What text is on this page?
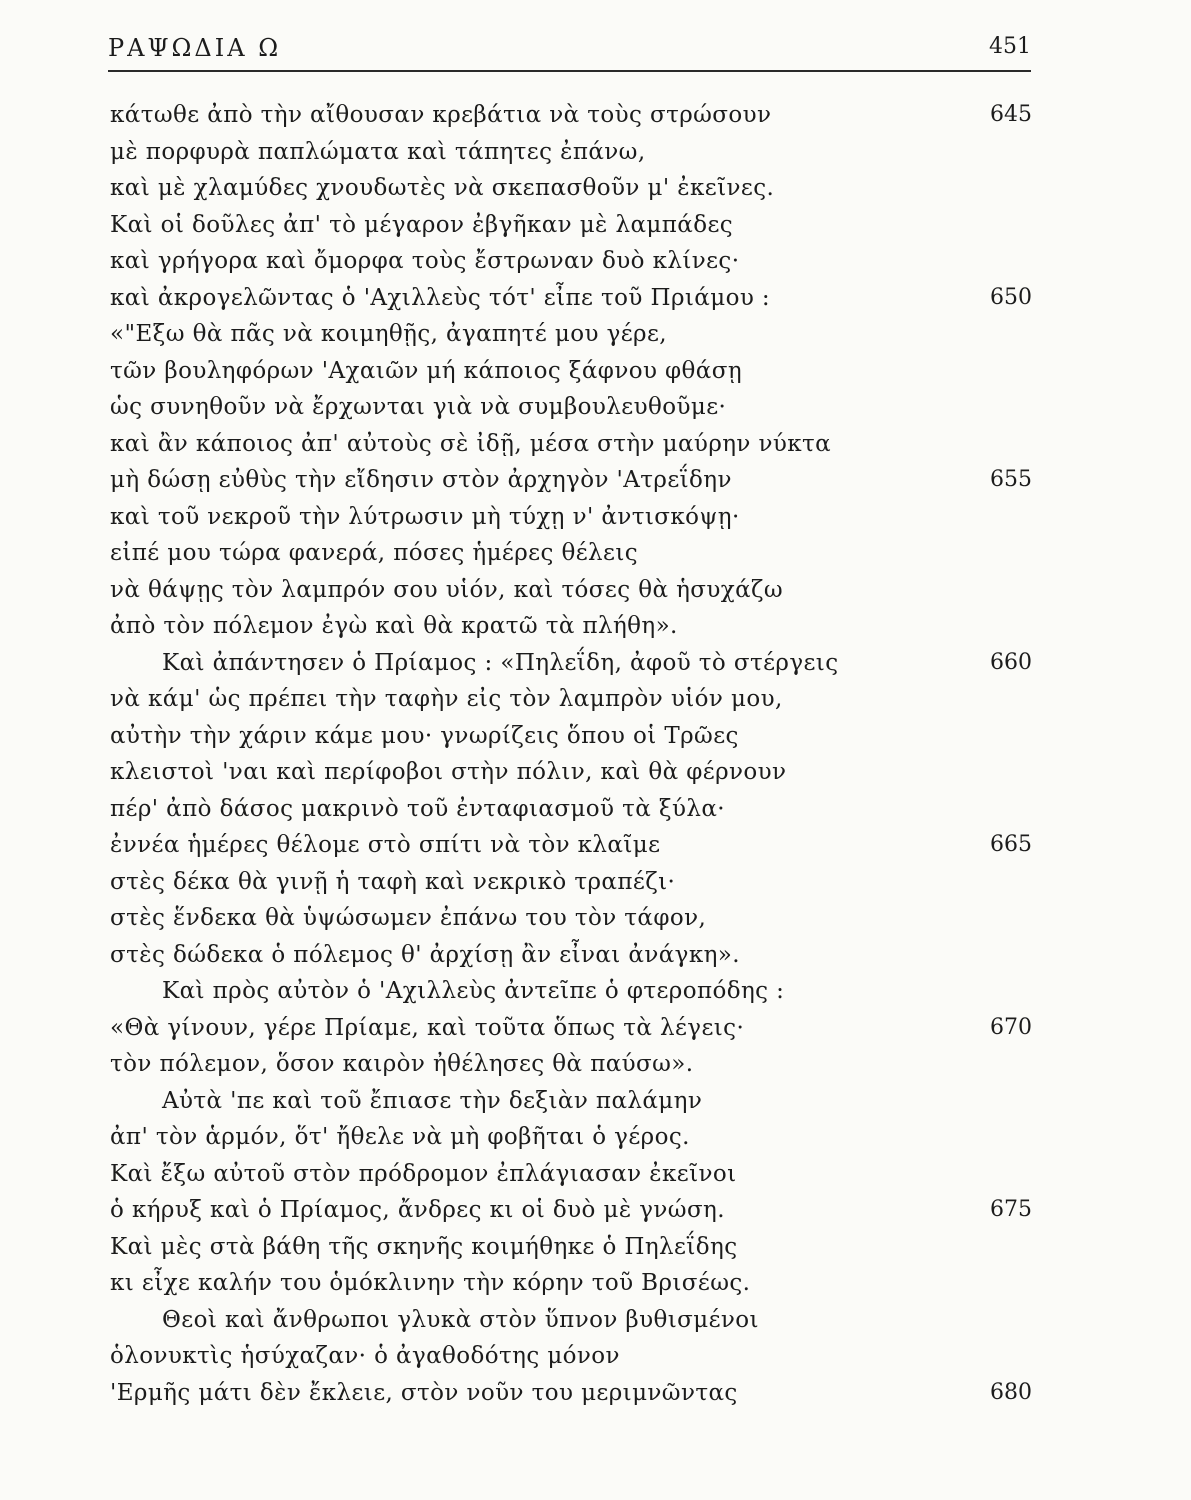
ΡΑΨΩΔΙΑ Ω	451
κάτωθε ἀπὸ τὴν αἴθουσαν κρεβάτια νὰ τοὺς στρώσουν	645
μὲ πορφυρὰ παπλώματα καὶ τάπητες ἐπάνω,
καὶ μὲ χλαμύδες χνουδωτὲς νὰ σκεπασθοῦν μ' ἐκεῖνες.
Καὶ οἱ δοῦλες ἀπ' τὸ μέγαρον ἐβγῆκαν μὲ λαμπάδες
καὶ γρήγορα καὶ ὄμορφα τοὺς ἔστρωναν δυὸ κλίνες·
καὶ ἀκρογελῶντας ὁ 'Αχιλλεὺς τότ' εἶπε τοῦ Πριάμου :	650
«"Εξω θὰ πᾶς νὰ κοιμηθῇς, ἀγαπητέ μου γέρε,
τῶν βουληφόρων 'Αχαιῶν μή κάποιος ξάφνου φθάσῃ
ὡς συνηθοῦν νὰ ἔρχωνται γιὰ νὰ συμβουλευθοῦμε·
καὶ ἂν κάποιος ἀπ' αὐτοὺς σὲ ἰδῇ, μέσα στὴν μαύρην νύκτα
μὴ δώσῃ εὐθὺς τὴν εἴδησιν στὸν ἀρχηγὸν 'Ατρεΐδην	655
καὶ τοῦ νεκροῦ τὴν λύτρωσιν μὴ τύχῃ ν' ἀντισκόψῃ·
εἰπέ μου τώρα φανερά, πόσες ἡμέρες θέλεις
νὰ θάψῃς τὸν λαμπρόν σου υἱόν, καὶ τόσες θὰ ἡσυχάζω
ἀπὸ τὸν πόλεμον ἐγὼ καὶ θὰ κρατῶ τὰ πλήθη».
Καὶ ἀπάντησεν ὁ Πρίαμος : «Πηλεΐδη, ἀφοῦ τὸ στέργεις	660
νὰ κάμ' ὡς πρέπει τὴν ταφὴν εἰς τὸν λαμπρὸν υἱόν μου,
αὐτὴν τὴν χάριν κάμε μου· γνωρίζεις ὅπου οἱ Τρῶες
κλειστοὶ 'ναι καὶ περίφοβοι στὴν πόλιν, καὶ θὰ φέρνουν
πέρ' ἀπὸ δάσος μακρινὸ τοῦ ἐνταφιασμοῦ τὰ ξύλα·
ἐννέα ἡμέρες θέλομε στὸ σπίτι νὰ τὸν κλαῖμε	665
στὲς δέκα θὰ γινῇ ἡ ταφὴ καὶ νεκρικὸ τραπέζι·
στὲς ἕνδεκα θὰ ὑψώσωμεν ἐπάνω του τὸν τάφον,
στὲς δώδεκα ὁ πόλεμος θ' ἀρχίσῃ ἂν εἶναι ἀνάγκη».
Καὶ πρὸς αὐτὸν ὁ 'Αχιλλεὺς ἀντεῖπε ὁ φτεροπόδης :
«Θὰ γίνουν, γέρε Πρίαμε, καὶ τοῦτα ὅπως τὰ λέγεις·	670
τὸν πόλεμον, ὅσον καιρὸν ἠθέλησες θὰ παύσω».
Αὐτὰ 'πε καὶ τοῦ ἔπιασε τὴν δεξιὰν παλάμην
ἀπ' τὸν ἁρμόν, ὅτ' ἤθελε νὰ μὴ φοβῆται ὁ γέρος.
Καὶ ἔξω αὐτοῦ στὸν πρόδρομον ἐπλάγιασαν ἐκεῖνοι
ὁ κήρυξ καὶ ὁ Πρίαμος, ἄνδρες κι οἱ δυὸ μὲ γνώση.	675
Καὶ μὲς στὰ βάθη τῆς σκηνῆς κοιμήθηκε ὁ Πηλεΐδης
κι εἶχε καλήν του ὁμόκλινην τὴν κόρην τοῦ Βρισέως.
Θεοὶ καὶ ἄνθρωποι γλυκὰ στὸν ὕπνον βυθισμένοι
ὁλονυκτὶς ἡσύχαζαν· ὁ ἀγαθοδότης μόνον
'Ερμῆς μάτι δὲν ἔκλειε, στὸν νοῦν του μεριμνῶντας	680
